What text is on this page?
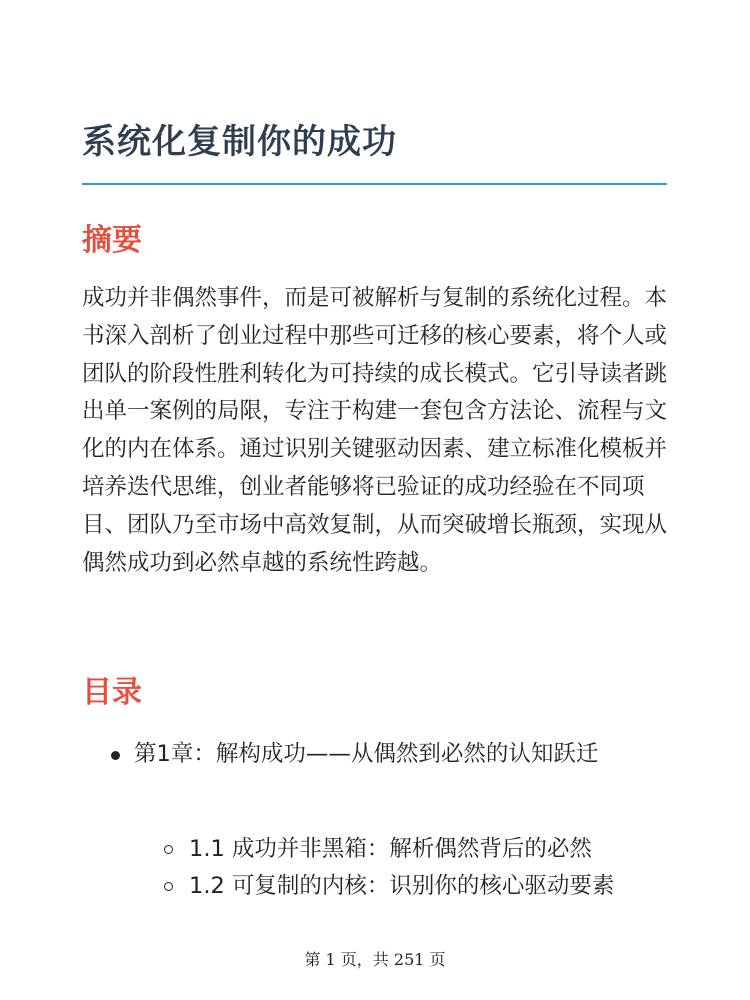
系统化复制你的成功
摘要

成功并非偶然事件，而是可被解析与复制的系统化过程。本书深入剖析了创业过程中那些可迁移的核心要素，将个人或团队的阶段性胜利转化为可持续的成长模式。它引导读者跳出单一案例的局限，专注于构建一套包含方法论、流程与文化的内在体系。通过识别关键驱动因素、建立标准化模板并培养迭代思维，创业者能够将已验证的成功经验在不同项目、团队乃至市场中高效复制，从而突破增长瓶颈，实现从偶然成功到必然卓越的系统性跨越。

目录
第1章：解构成功——从偶然到必然的认知跃迁
1.1 成功并非黑箱：解析偶然背后的必然
1.2 可复制的内核：识别你的核心驱动要素
第 1 页，共 251 页
